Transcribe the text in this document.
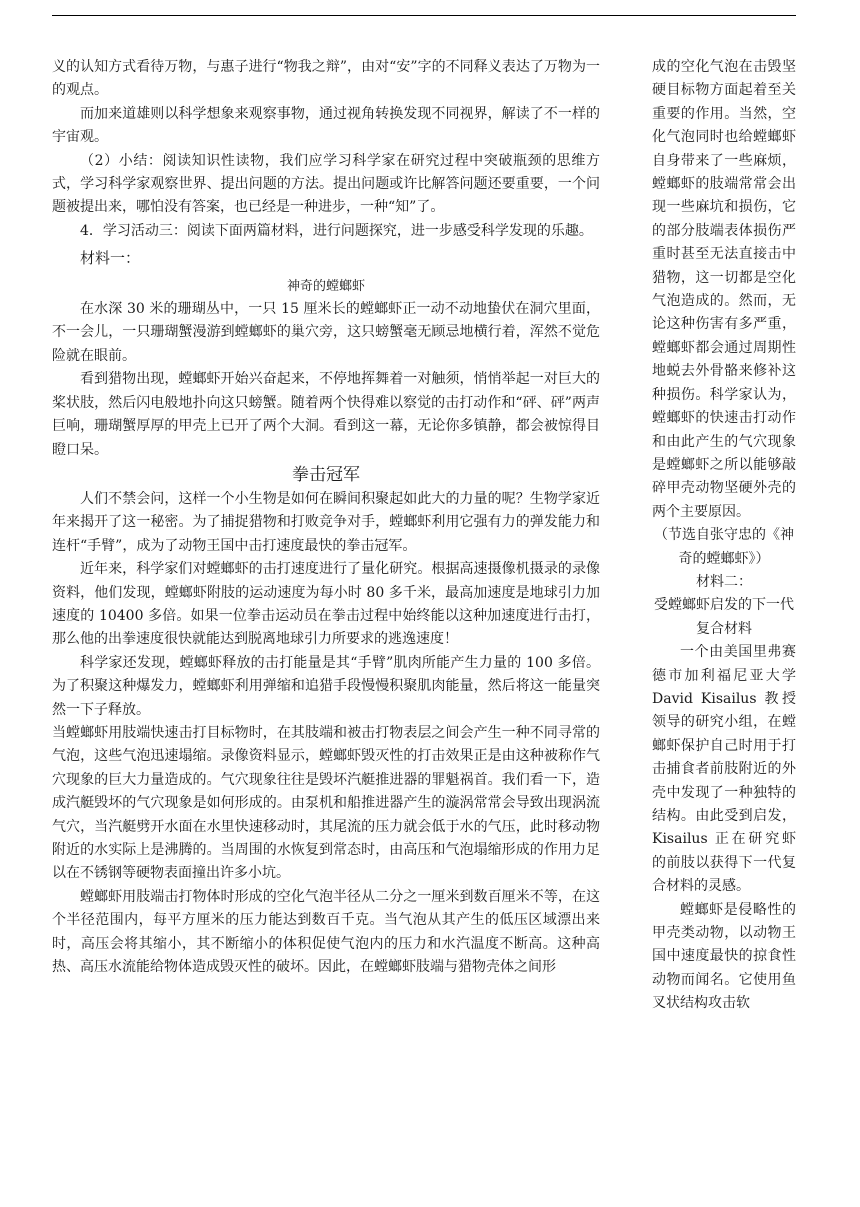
义的认知方式看待万物，与惠子进行“物我之辩”，由对“安”字的不同释义表达了万物为一的观点。

而加来道雄则以科学想象来观察事物，通过视角转换发现不同视界，解读了不一样的宇宙观。

（2）小结：阅读知识性读物，我们应学习科学家在研究过程中突破瓶颈的思维方式，学习科学家观察世界、提出问题的方法。提出问题或许比解答问题还要重要，一个问题被提出来，哪怕没有答案，也已经是一种进步，一种“知”了。

4．学习活动三：阅读下面两篇材料，进行问题探究，进一步感受科学发现的乐趣。

材料一：

神奇的螳螂虾

在水深 30 米的珊瑚丛中，一只 15 厘米长的螳螂虾正一动不动地蛰伏在洞穴里面，不一会儿，一只珊瑚蟹漫游到螳螂虾的巢穴旁，这只螃蟹毫无顾忌地横行着，浑然不觉危险就在眼前。

看到猎物出现，螳螂虾开始兴奋起来，不停地挥舞着一对触须，悄悄举起一对巨大的桨状肢，然后闪电般地扑向这只螃蟹。随着两个快得难以察觉的击打动作和“砰、砰”两声巨响，珊瑚蟹厚厚的甲壳上已开了两个大洞。看到这一幕，无论你多镇静，都会被惊得目瞪口呆。

拳击冠军

人们不禁会问，这样一个小生物是如何在瞬间积聚起如此大的力量的呢？生物学家近年来揭开了这一秘密。为了捕捉猎物和打败竞争对手，螳螂虾利用它强有力的弹发能力和连杆“手臂”，成为了动物王国中击打速度最快的拳击冠军。

近年来，科学家们对螳螂虾的击打速度进行了量化研究。根据高速摄像机摄录的录像资料，他们发现，螳螂虾附肢的运动速度为每小时 80 多千米，最高加速度是地球引力加速度的 10400 多倍。如果一位拳击运动员在拳击过程中始终能以这种加速度进行击打，那么他的出拳速度很快就能达到脱离地球引力所要求的逃逸速度！

科学家还发现，螳螂虾释放的击打能量是其“手臂”肌肉所能产生力量的 100 多倍。为了积聚这种爆发力，螳螂虾利用弹缩和追猎手段慢慢积聚肌肉能量，然后将这一能量突然一下子释放。

当螳螂虾用肢端快速击打目标物时，在其肢端和被击打物表层之间会产生一种不同寻常的气泡，这些气泡迅速塌缩。录像资料显示，螳螂虾毁灭性的打击效果正是由这种被称作气穴现象的巨大力量造成的。气穴现象往往是毁坏汽艇推进器的罪魁祸首。我们看一下，造成汽艇毁坏的气穴现象是如何形成的。由泵机和船推进器产生的漩涡常常会导致出现涡流气穴，当汽艇劈开水面在水里快速移动时，其尾流的压力就会低于水的气压，此时移动物附近的水实际上是沸腾的。当周围的水恢复到常态时，由高压和气泡塌缩形成的作用力足以在不锈钢等硬物表面撞出许多小坑。

螳螂虾用肢端击打物体时形成的空化气泡半径从二分之一厘米到数百厘米不等，在这个半径范围内，每平方厘米的压力能达到数百千克。当气泡从其产生的低压区域漂出来时，高压会将其缩小，其不断缩小的体积促使气泡内的压力和水汽温度不断高。这种高热、高压水流能给物体造成毁灭性的破坏。因此，在螳螂虾肢端与猎物壳体之间形

成的空化气泡在击毁坚硬目标物方面起着至关重要的作用。当然，空化气泡同时也给螳螂虾自身带来了一些麻烦，螳螂虾的肢端常常会出现一些麻坑和损伤，它的部分肢端表体损伤严重时甚至无法直接击中猎物，这一切都是空化气泡造成的。然而，无论这种伤害有多严重，螳螂虾都会通过周期性地蜕去外骨骼来修补这种损伤。科学家认为，螳螂虾的快速击打动作和由此产生的气穴现象是螳螂虾之所以能够敲碎甲壳动物坚硬外壳的两个主要原因。

（节选自张守忠的《神奇的螳螂虾》）

材料二：

受螳螂虾启发的下一代复合材料

一个由美国里弗赛德市加利福尼亚大学 David Kisailus 教授领导的研究小组，在螳螂虾保护自己时用于打击捕食者前肢附近的外壳中发现了一种独特的结构。由此受到启发，Kisailus 正在研究虾的前肢以获得下一代复合材料的灵感。

螳螂虾是侵略性的甲壳类动物，以动物王国中速度最快的掠食性动物而闻名。它使用鱼叉状结构攻击软
